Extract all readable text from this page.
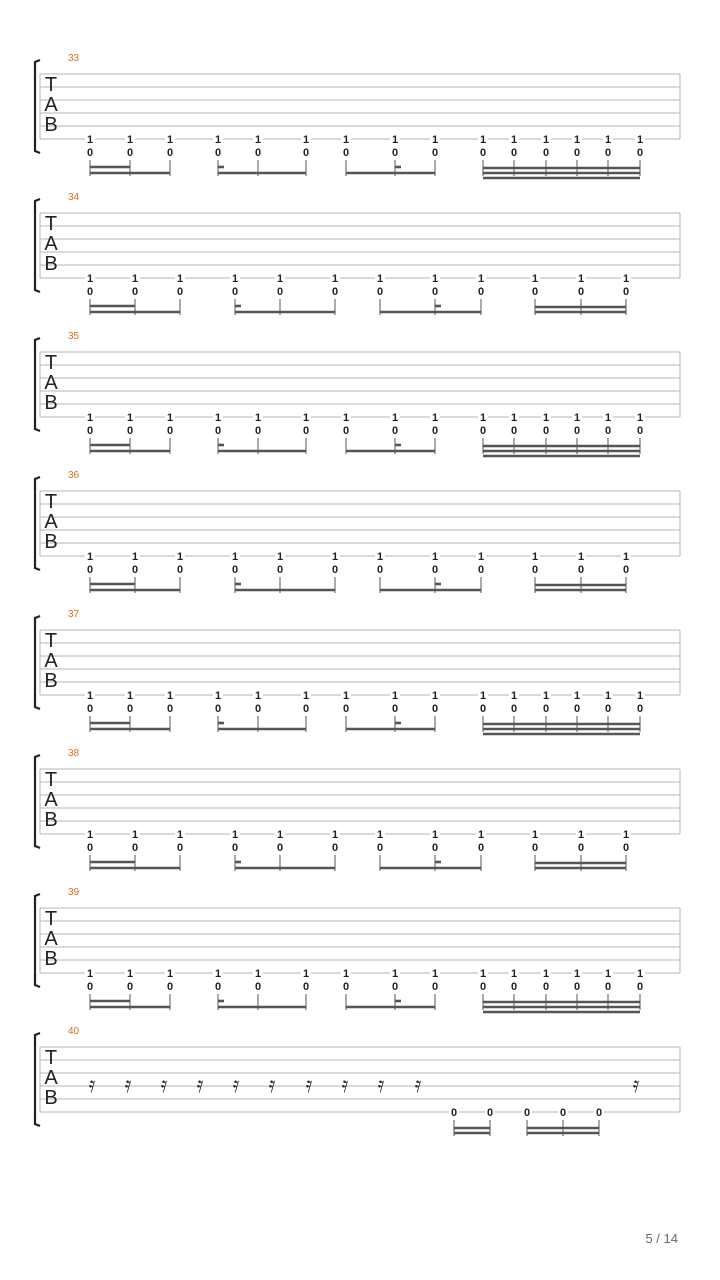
33
T
A
B
1
0
1
0
1
0
1
0
1
0
1
0
1
0
1
0
1
0
1
0
1
0
1
0
1
0
1
0
1
0
34
T
A
B
1
0
1
0
1
0
1
0
1
0
1
0
1
0
1
0
1
0
1
0
1
0
1
0
35
T
A
B
1
0
1
0
1
0
1
0
1
0
1
0
1
0
1
0
1
0
1
0
1
0
1
0
1
0
1
0
1
0
36
T
A
B
1
0
1
0
1
0
1
0
1
0
1
0
1
0
1
0
1
0
1
0
1
0
1
0
37
T
A
B
1
0
1
0
1
0
1
0
1
0
1
0
1
0
1
0
1
0
1
0
1
0
1
0
1
0
1
0
1
0
38
T
A
B
1
0
1
0
1
0
1
0
1
0
1
0
1
0
1
0
1
0
1
0
1
0
1
0
39
T
A
B
1
0
1
0
1
0
1
0
1
0
1
0
1
0
1
0
1
0
1
0
1
0
1
0
1
0
1
0
1
0
40
T
A
B 𝄿 𝄿 𝄿 𝄿 𝄿 𝄿 𝄿 𝄿 𝄿 𝄿	𝄿
0	0	0	0	0
5 / 14
